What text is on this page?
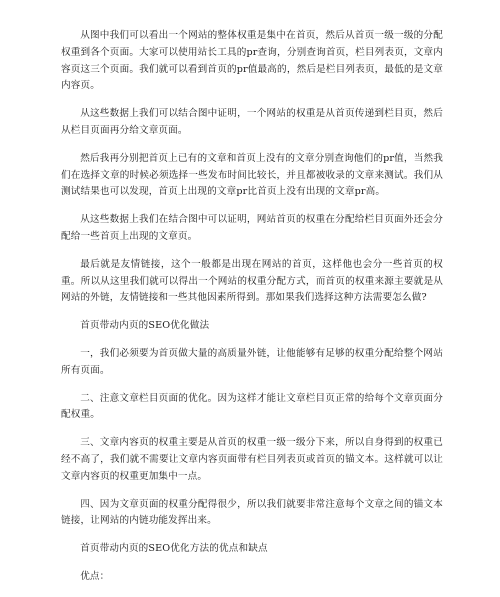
从图中我们可以看出一个网站的整体权重是集中在首页，然后从首页一级一级的分配权重到各个页面。大家可以使用站长工具的pr查询，分别查询首页，栏目列表页，文章内容页这三个页面。我们就可以看到首页的pr值最高的，然后是栏目列表页，最低的是文章内容页。

从这些数据上我们可以结合图中证明，一个网站的权重是从首页传递到栏目页，然后从栏目页面再分给文章页面。

然后我再分别把首页上已有的文章和首页上没有的文章分别查询他们的pr值，当然我们在选择文章的时候必须选择一些发布时间比较长，并且都被收录的文章来测试。我们从测试结果也可以发现，首页上出现的文章pr比首页上没有出现的文章pr高。

从这些数据上我们在结合图中可以证明，网站首页的权重在分配给栏目页面外还会分配给一些首页上出现的文章页。

最后就是友情链接，这个一般都是出现在网站的首页，这样他也会分一些首页的权重。所以从这里我们就可以得出一个网站的权重分配方式，而首页的权重来源主要就是从网站的外链，友情链接和一些其他因素所得到。那如果我们选择这种方法需要怎么做?

首页带动内页的SEO优化做法

一，我们必须要为首页做大量的高质量外链，让他能够有足够的权重分配给整个网站所有页面。

二、注意文章栏目页面的优化。因为这样才能让文章栏目页正常的给每个文章页面分配权重。

三、文章内容页的权重主要是从首页的权重一级一级分下来，所以自身得到的权重已经不高了，我们就不需要让文章内容页面带有栏目列表页或首页的锚文本。这样就可以让文章内容页的权重更加集中一点。

四、因为文章页面的权重分配得很少，所以我们就要非常注意每个文章之间的锚文本链接，让网站的内链功能发挥出来。

首页带动内页的SEO优化方法的优点和缺点

优点：
